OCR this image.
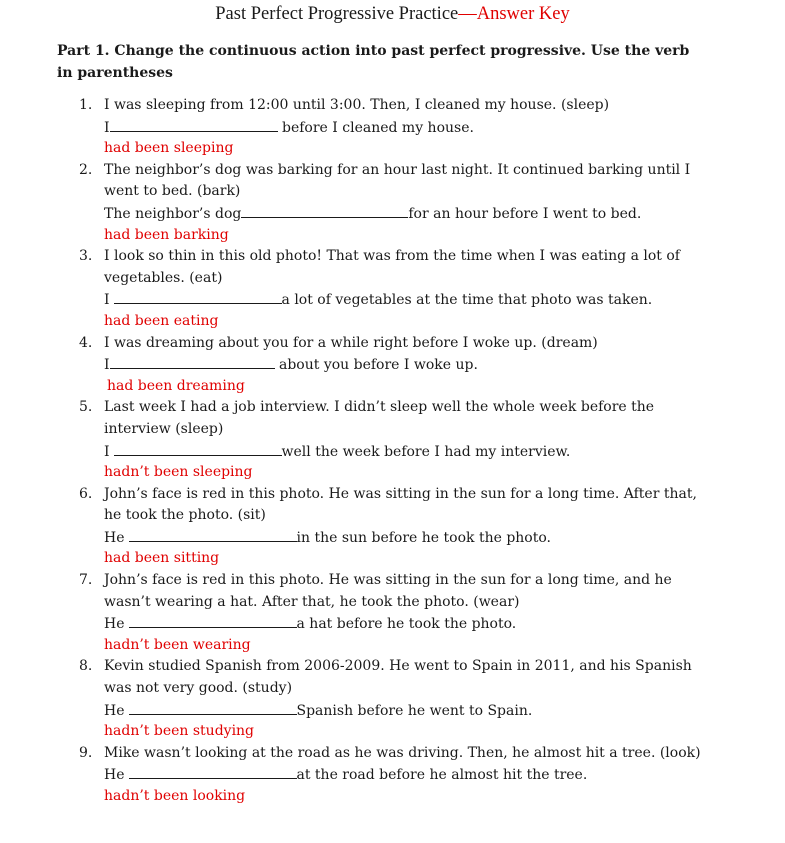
Past Perfect Progressive Practice—Answer Key
Part 1. Change the continuous action into past perfect progressive. Use the verb in parentheses
1. I was sleeping from 12:00 until 3:00. Then, I cleaned my house. (sleep)
I	before I cleaned my house.
had been sleeping
2. The neighbor’s dog was barking for an hour last night. It continued barking until I
went to bed. (bark)
The neighbor’s dog	for an hour before I went to bed.
had been barking
3. I look so thin in this old photo! That was from the time when I was eating a lot of
vegetables. (eat)
I	a lot of vegetables at the time that photo was taken.
had been eating
4. I was dreaming about you for a while right before I woke up. (dream)
I	about you before I woke up.
had been dreaming
5. Last week I had a job interview. I didn’t sleep well the whole week before the
interview (sleep)
I	well the week before I had my interview.
hadn’t been sleeping
6. John’s face is red in this photo. He was sitting in the sun for a long time. After that,
he took the photo. (sit)
He	in the sun before he took the photo.
had been sitting
7. John’s face is red in this photo. He was sitting in the sun for a long time, and he
wasn’t wearing a hat. After that, he took the photo. (wear)
He	a hat before he took the photo.
hadn’t been wearing
8. Kevin studied Spanish from 2006-2009. He went to Spain in 2011, and his Spanish
was not very good. (study)
He	Spanish before he went to Spain.
hadn’t been studying
9. Mike wasn’t looking at the road as he was driving. Then, he almost hit a tree. (look)
He	at the road before he almost hit the tree.
hadn’t been looking
